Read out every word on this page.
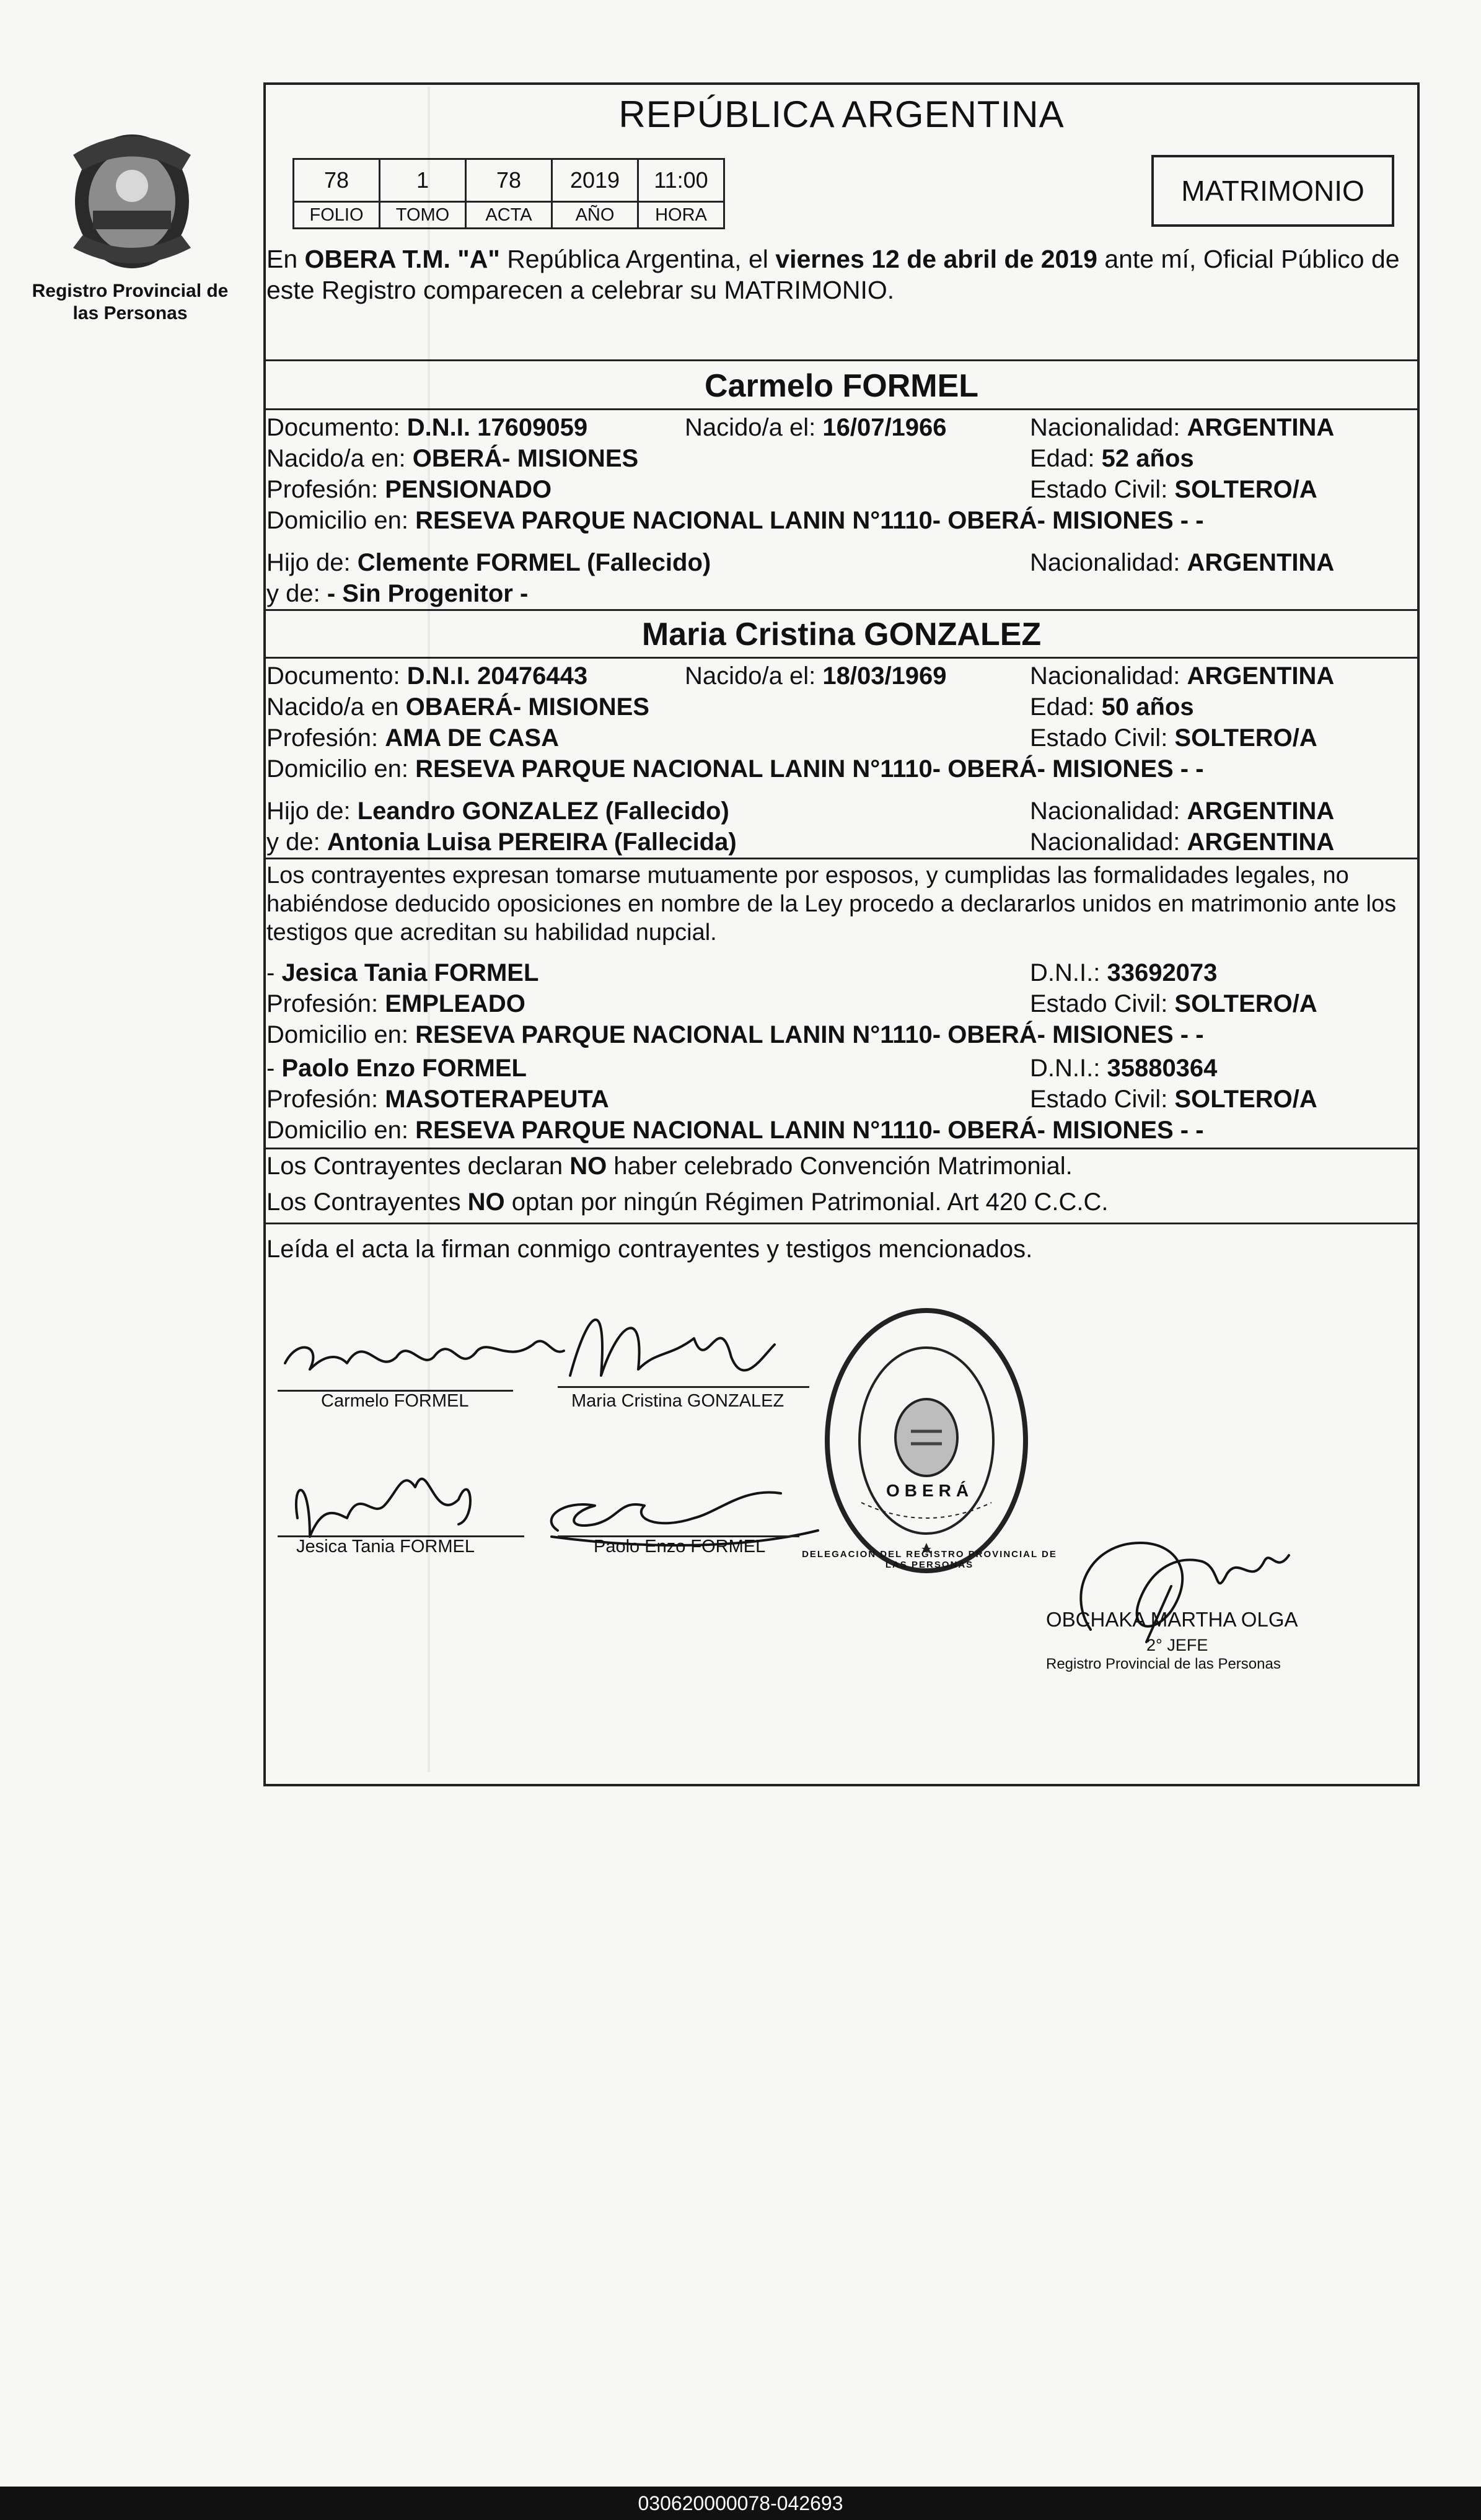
Registro Provincial de las Personas
REPÚBLICA ARGENTINA
78	1	78	2019	11:00
FOLIO	TOMO	ACTA	AÑO	HORA
MATRIMONIO
En OBERA T.M. "A" República Argentina, el viernes 12 de abril de 2019 ante mí, Oficial Público de este Registro comparecen a celebrar su MATRIMONIO.
Carmelo FORMEL
Documento: D.N.I. 17609059	Nacido/a el: 16/07/1966	Nacionalidad: ARGENTINA
Nacido/a en: OBERÁ- MISIONES	Edad: 52 años
Profesión: PENSIONADO	Estado Civil: SOLTERO/A
Domicilio en: RESEVA PARQUE NACIONAL LANIN N°1110- OBERÁ- MISIONES - -
Hijo de: Clemente FORMEL (Fallecido)	Nacionalidad: ARGENTINA
y de: - Sin Progenitor -
Maria Cristina GONZALEZ
Documento: D.N.I. 20476443	Nacido/a el: 18/03/1969	Nacionalidad: ARGENTINA
Nacido/a en OBAERÁ- MISIONES	Edad: 50 años
Profesión: AMA DE CASA	Estado Civil: SOLTERO/A
Domicilio en: RESEVA PARQUE NACIONAL LANIN N°1110- OBERÁ- MISIONES - -
Hijo de: Leandro GONZALEZ (Fallecido)	Nacionalidad: ARGENTINA
y de: Antonia Luisa PEREIRA (Fallecida)	Nacionalidad: ARGENTINA
Los contrayentes expresan tomarse mutuamente por esposos, y cumplidas las formalidades legales, no habiéndose deducido oposiciones en nombre de la Ley procedo a declararlos unidos en matrimonio ante los testigos que acreditan su habilidad nupcial.
- Jesica Tania FORMEL	D.N.I.: 33692073
Profesión: EMPLEADO	Estado Civil: SOLTERO/A
Domicilio en: RESEVA PARQUE NACIONAL LANIN N°1110- OBERÁ- MISIONES - -
- Paolo Enzo FORMEL	D.N.I.: 35880364
Profesión: MASOTERAPEUTA	Estado Civil: SOLTERO/A
Domicilio en: RESEVA PARQUE NACIONAL LANIN N°1110- OBERÁ- MISIONES - -
Los Contrayentes declaran NO haber celebrado Convención Matrimonial.
Los Contrayentes NO optan por ningún Régimen Patrimonial. Art 420 C.C.C.
Leída el acta la firman conmigo contrayentes y testigos mencionados.
Carmelo FORMEL	Maria Cristina GONZALEZ
Jesica Tania FORMEL	Paolo Enzo FORMEL
OBERÁ
DELEGACION DEL REGISTRO PROVINCIAL DE LAS PERSONAS
OBCHAKA MARTHA OLGA
2° JEFE
Registro Provincial de las Personas
030620000078-042693
